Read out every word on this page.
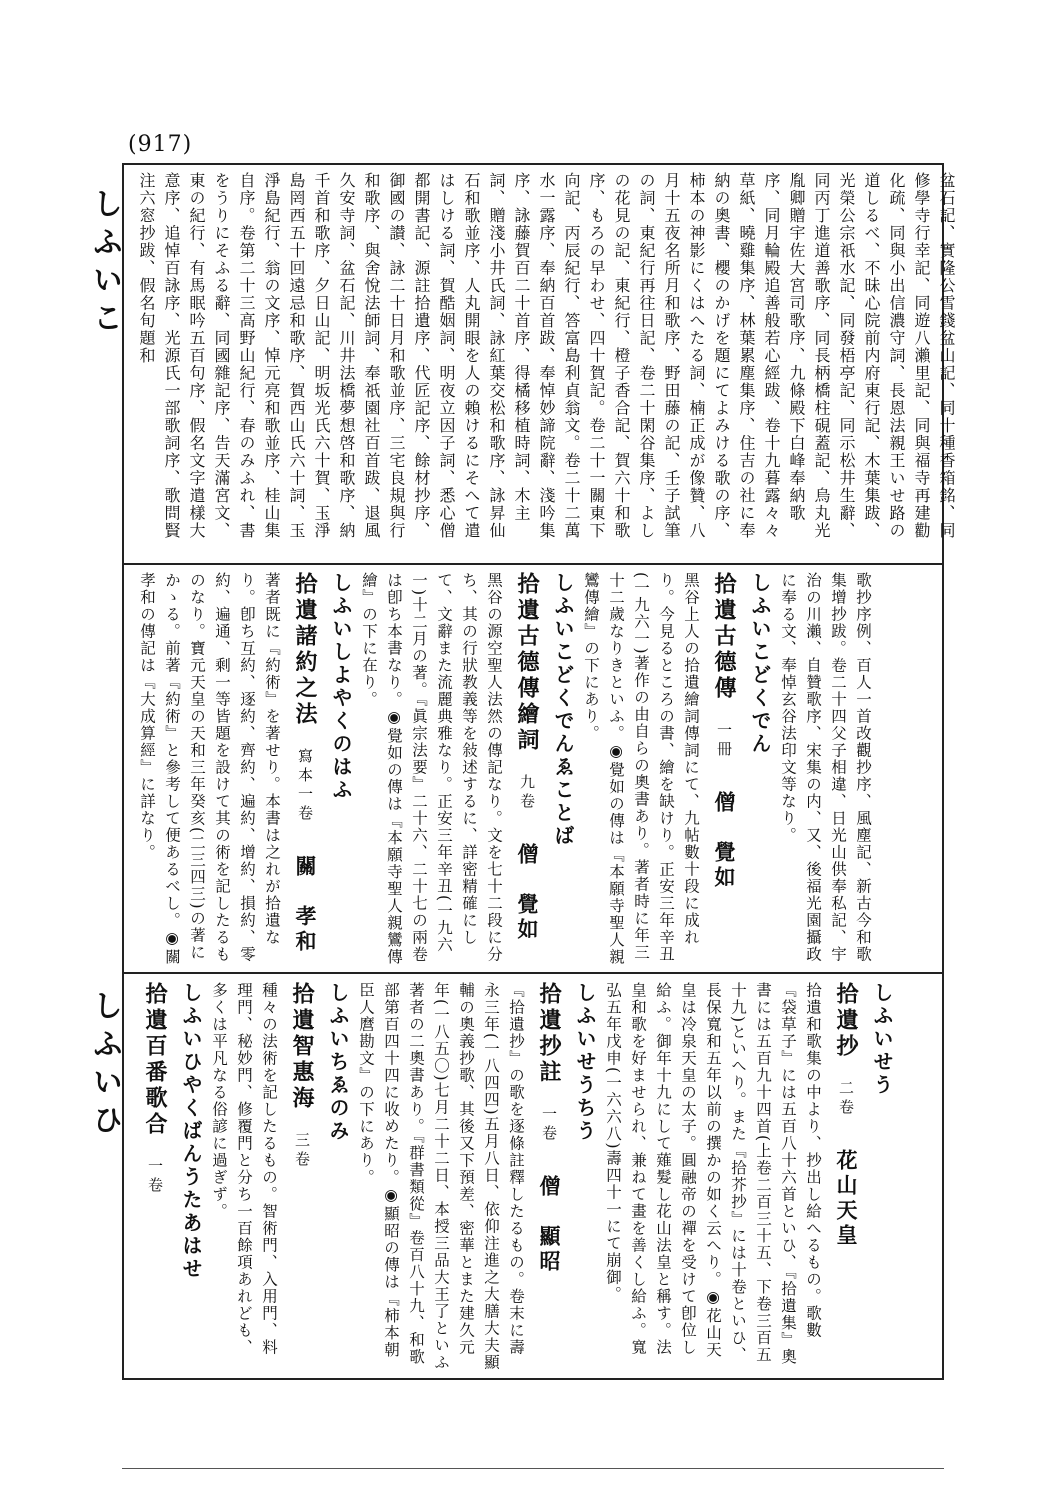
(917)
しふいこ
しふいひ
盆石記、實隆公雪錢盆山記、同十種香箱銘、同修學寺行幸記、同遊八瀨里記、同與福寺再建勸化疏、同與小出信濃守詞、長恩法親王いせ路の道しるべ、不昧心院前内府東行記、木葉集跋、光榮公宗祇水記、同發梧亭記、同示松井生辭、同丙丁進道善歌序、同長柄橋柱硯蓋記、烏丸光胤卿贈宇佐大宮司歌序、九條殿下白峰奉納歌序、同月輪殿追善般若心經跋、卷十九暮露々々草紙、曉雞集序、林葉累塵集序、住吉の社に奉納の奧書、櫻のかげを題にてよみける歌の序、柿本の神影にくはへたる詞、楠正成が像贊、八月十五夜名所月和歌序、野田藤の記、壬子試筆の詞、東紀行再往日記、卷二十閑谷集序、よしの花見の記、東紀行、橙子香合記、賀六十和歌序、もろの早わせ、四十賀記。卷二十一關東下向記、丙辰紀行、答富島利貞翁文。卷二十二萬水一露序、奉納百首跋、奉悼妙諦院辭、淺吟集序、詠藤賀百二十首序、得橘移植時詞、木主詞、贈淺小井氏詞、詠紅葉交松和歌序、詠昇仙石和歌並序、人丸開眼を人の賴けるにそへて遣はしける詞、賀酷姻詞、明夜立因子詞、悉心僧都開書記、源註拾遺序、代匠記序、餘材抄序、御國の讃、詠二十日月和歌並序、三宅良規與行和歌序、與舍悅法師詞、奉祇園社百首跋、退風久安寺詞、盆石記、川井法橋夢想啓和歌序、納千首和歌序、夕日山記、明坂光氏六十賀、玉淨島罔西五十回遠忌和歌序、賀西山氏六十詞、玉淨島紀行、翁の文序、悼元亮和歌並序、桂山集自序。卷第二十三高野山紀行、春のみふれ、書をうりにそふる辭、同國雜記序、告天滿宮文、東の紀行、有馬眠吟五百句序、假名文字遣樣大意序、追悼百詠序、光源氏一部歌詞序、歌問賢注六窓抄跋、假名旬題和
歌抄序例、百人一首改觀抄序、風塵記、新古今和歌集增抄跋。卷二十四父子相違、日光山供奉私記、宇治の川瀨、自贊歌序、宋集の内、又、後福光園攝政に奉る文、奉悼玄谷法印文等なり。
しふいこどくでん
拾遺古德傳 一冊 僧　覺如
黑谷上人の拾遺繪詞傳詞にて、九帖數十段に成れり。今見るところの書、繪を缺けり。正安三年辛丑(一九六一)著作の由自らの奧書あり。著者時に年三十二歲なりきといふ。◉覺如の傳は『本願寺聖人親鸞傳繪』の下にあり。
しふいこどくでんゑことば
拾遺古德傳繪詞 九卷 僧　覺如
黑谷の源空聖人法然の傳記なり。文を七十二段に分ち、其の行狀教義等を敍述するに、詳密精確にして、文辭また流麗典雅なり。正安三年辛丑(一九六一)十二月の著。『眞宗法要』二十六、二十七の兩卷は卽ち本書なり。◉覺如の傳は『本願寺聖人親鸞傳繪』の下に在り。
しふいしよやくのはふ
拾遺諸約之法 寫本一卷 關　孝和
著者既に『約術』を著せり。本書は之れが拾遺なり。卽ち互約、逐約、齊約、遍約、增約、損約、零約、遍通、剩一等皆題を設けて其の術を記したるものなり。寶元天皇の天和三年癸亥(二三四三)の著にかゝる。前著『約術』と參考して便あるべし。◉關孝和の傳記は『大成算經』に詳なり。
しふいせう
拾遺抄 二卷 花山天皇
拾遺和歌集の中より、抄出し給へるもの。歌數『袋草子』には五百八十六首といひ、『拾遺集』奧書には五百九十四首(上卷二百三十五、下卷三百五十九)といへり。また『拾芥抄』には十卷といひ、長保寬和五年以前の撰かの如く云へり。◉花山天皇は冷泉天皇の太子。圓融帝の禪を受けて卽位し給ふ。御年十九にして薙髮し花山法皇と稱す。法皇和歌を好ませられ、兼ねて畫を善くし給ふ。寬弘五年戊申(一六六八)壽四十一にて崩御。
しふいせうちう
拾遺抄註 一卷 僧　顯昭
『拾遺抄』の歌を逐條註釋したるもの。卷末に壽永三年(一八四四)五月八日、依仰注進之大膳大夫顯輔の奧義抄歌、其後又下預差、密華とまた建久元年(一八五〇)七月二十二日、本授三品大王了といふ著者の二奧書あり。『群書類從』卷百八十九、和歌部第百四十四に收めたり。◉顯昭の傳は『柿本朝臣人麿勘文』の下にあり。
しふいちゑのみ
拾遺智惠海 三卷
種々の法術を記したるもの。智術門、入用門、料理門、秘妙門、修覆門と分ち一百餘項あれども、多くは平凡なる俗諺に過ぎず。
しふいひやくばんうたあはせ
拾遺百番歌合 一卷
